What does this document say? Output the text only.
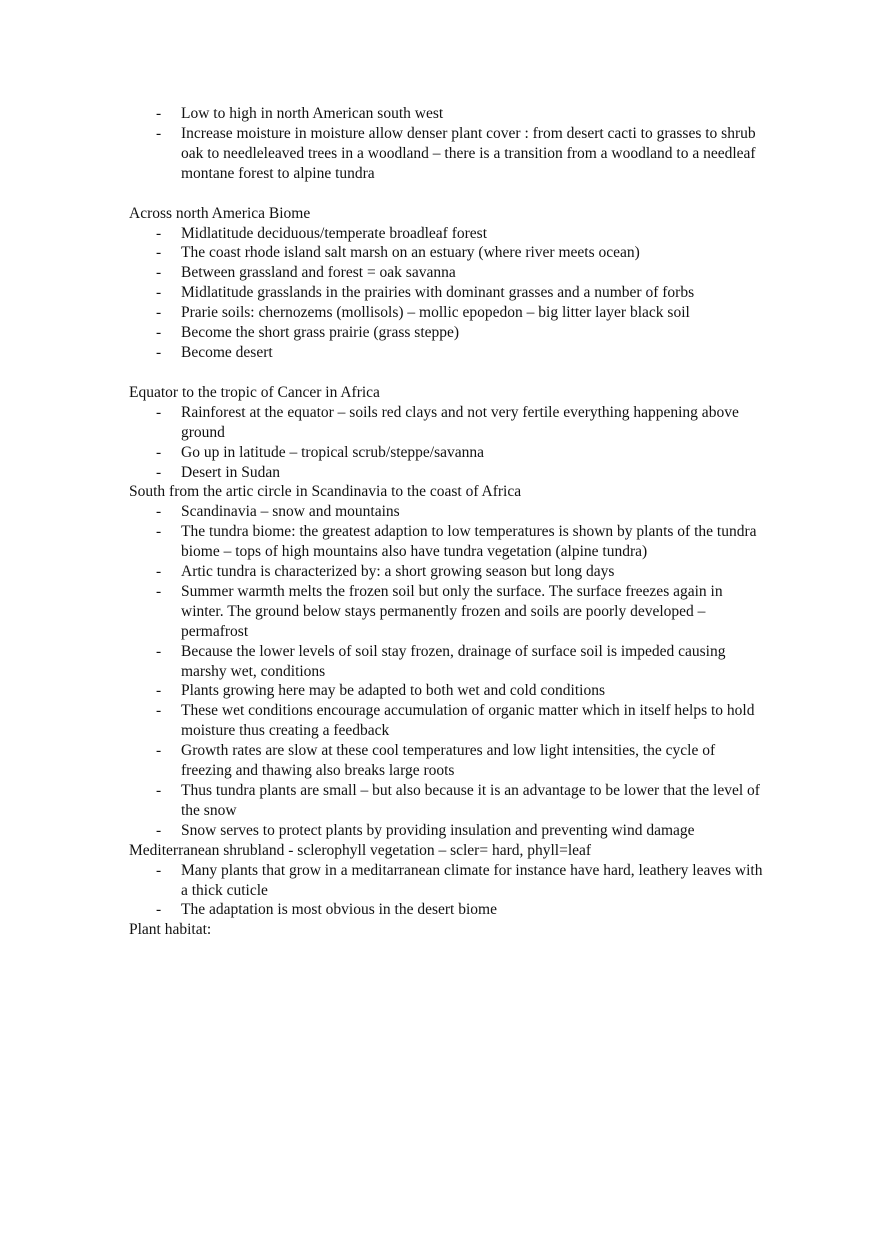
- Low to high in north American south west
- Increase moisture in moisture allow denser plant cover : from desert cacti to grasses to shrub oak to needleleaved trees in a woodland – there is a transition from a woodland to a needleaf montane forest to alpine tundra

Across north America Biome

- Midlatitude deciduous/temperate broadleaf forest
- The coast rhode island salt marsh on an estuary (where river meets ocean)
- Between grassland and forest = oak savanna
- Midlatitude grasslands in the prairies with dominant grasses and a number of forbs
- Prarie soils: chernozems (mollisols) – mollic epopedon – big litter layer black soil
- Become the short grass prairie (grass steppe)
- Become desert

Equator to the tropic of Cancer in Africa

- Rainforest at the equator – soils red clays and not very fertile everything happening above ground
- Go up in latitude – tropical scrub/steppe/savanna
- Desert in Sudan

South from the artic circle in Scandinavia to the coast of Africa

- Scandinavia – snow and mountains
- The tundra biome: the greatest adaption to low temperatures is shown by plants of the tundra biome – tops of high mountains also have tundra vegetation (alpine tundra)
- Artic tundra is characterized by: a short growing season but long days
- Summer warmth melts the frozen soil but only the surface. The surface freezes again in winter. The ground below stays permanently frozen and soils are poorly developed – permafrost
- Because the lower levels of soil stay frozen, drainage of surface soil is impeded causing marshy wet, conditions
- Plants growing here may be adapted to both wet and cold conditions
- These wet conditions encourage accumulation of organic matter which in itself helps to hold moisture thus creating a feedback
- Growth rates are slow at these cool temperatures and low light intensities, the cycle of freezing and thawing also breaks large roots
- Thus tundra plants are small – but also because it is an advantage to be lower that the level of the snow
- Snow serves to protect plants by providing insulation and preventing wind damage

Mediterranean shrubland - sclerophyll vegetation – scler= hard, phyll=leaf

- Many plants that grow in a meditarranean climate for instance have hard, leathery leaves with a thick cuticle
- The adaptation is most obvious in the desert biome

Plant habitat:
